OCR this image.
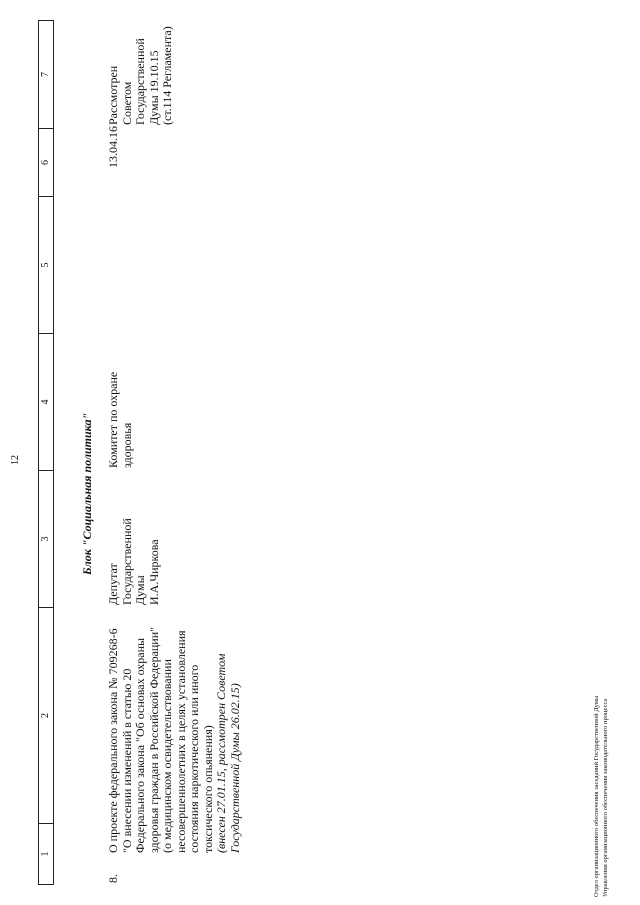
12
1
2
3
4
5
6
7
Блок "Социальная политика"
8.
О проекте федерального закона № 709268-6 "О внесении изменений в статью 20 Федерального закона "Об основах охраны здоровья граждан в Российской Федерации" (о медицинском освидетельствовании несовершеннолетних в целях установления состояния наркотического или иного токсического опьянения) (внесен 27.01.15, рассмотрен Советом Государственной Думы 26.02.15)
Депутат Государственной Думы И.А.Чиркова
Комитет по охране здоровья
13.04.16
Рассмотрен Советом Государственной Думы 19.10.15 (ст.114 Регламента)
Отдел организационного обеспечения заседаний Государственной Думы Управления организационного обеспечения законодательного процесса
